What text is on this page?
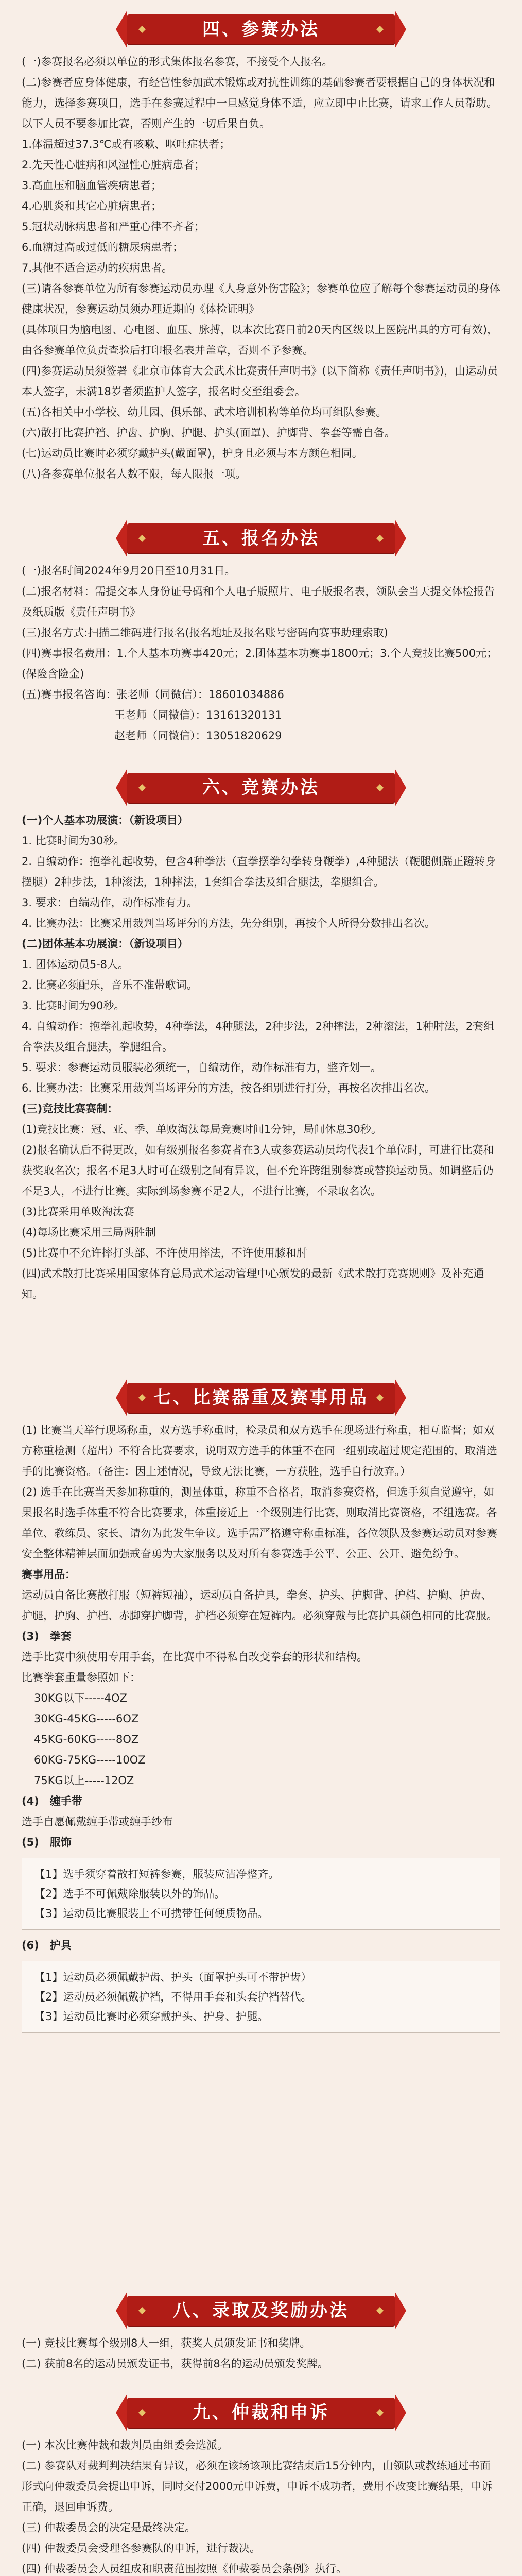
四、参赛办法

(一)参赛报名必须以单位的形式集体报名参赛，不接受个人报名。

(二)参赛者应身体健康，有经营性参加武术锻炼或对抗性训练的基础参赛者要根据自己的身体状况和能力，选择参赛项目，选手在参赛过程中一旦感觉身体不适，应立即中止比赛，请求工作人员帮助。

以下人员不要参加比赛，否则产生的一切后果自负。

1.体温超过37.3℃或有咳嗽、呕吐症状者；

2.先天性心脏病和风湿性心脏病患者；

3.高血压和脑血管疾病患者；

4.心肌炎和其它心脏病患者；

5.冠状动脉病患者和严重心律不齐者；

6.血糖过高或过低的糖尿病患者；

7.其他不适合运动的疾病患者。

(三)请各参赛单位为所有参赛运动员办理《人身意外伤害险》；参赛单位应了解每个参赛运动员的身体健康状况，参赛运动员须办理近期的《体检证明》

(具体项目为脑电图、心电图、血压、脉搏，以本次比赛日前20天内区级以上医院出具的方可有效)，由各参赛单位负责查验后打印报名表并盖章，否则不予参赛。

(四)参赛运动员须签署《北京市体育大会武术比赛责任声明书》(以下简称《责任声明书》)，由运动员本人签字，未满18岁者须监护人签字，报名时交至组委会。

(五)各相关中小学校、幼儿园、俱乐部、武术培训机构等单位均可组队参赛。

(六)散打比赛护裆、护齿、护胸、护腿、护头(面罩)、护脚背、拳套等需自备。

(七)运动员比赛时必须穿戴护头(戴面罩)，护身且必须与本方颜色相同。

(八)各参赛单位报名人数不限，每人限报一项。

五、报名办法

(一)报名时间2024年9月20日至10月31日。

(二)报名材料：需提交本人身份证号码和个人电子版照片、电子版报名表，领队会当天提交体检报告及纸质版《责任声明书》

(三)报名方式:扫描二维码进行报名(报名地址及报名账号密码向赛事助理索取)

(四)赛事报名费用：1.个人基本功赛事420元；2.团体基本功赛事1800元；3.个人竞技比赛500元；(保险含险金)

(五)赛事报名咨询：张老师（同微信）：18601034886

王老师（同微信）：13161320131

赵老师（同微信）：13051820629

六、竞赛办法

(一)个人基本功展演：（新设项目）

1. 比赛时间为30秒。

2. 自编动作：抱拳礼起收势，包含4种拳法（直拳摆拳勾拳转身鞭拳）,4种腿法（鞭腿侧踹正蹬转身摆腿）2种步法，1种滚法，1种摔法，1套组合拳法及组合腿法，拳腿组合。

3. 要求：自编动作，动作标准有力。

4. 比赛办法：比赛采用裁判当场评分的方法，先分组别，再按个人所得分数排出名次。

(二)团体基本功展演：（新设项目）

1. 团体运动员5-8人。

2. 比赛必须配乐，音乐不准带歌词。

3. 比赛时间为90秒。

4. 自编动作：抱拳礼起收势，4种拳法，4种腿法，2种步法，2种摔法，2种滚法，1种肘法，2套组合拳法及组合腿法，拳腿组合。

5. 要求：参赛运动员服装必须统一，自编动作，动作标准有力，整齐划一。

6. 比赛办法：比赛采用裁判当场评分的方法，按各组别进行打分，再按名次排出名次。

(三)竞技比赛赛制：

(1)竞技比赛：冠、亚、季、单败淘汰每局竞赛时间1分钟，局间休息30秒。

(2)报名确认后不得更改，如有级别报名参赛者在3人或参赛运动员均代表1个单位时，可进行比赛和获奖取名次；报名不足3人时可在级别之间有异议，但不允许跨组别参赛或替换运动员。如调整后仍不足3人，不进行比赛。实际到场参赛不足2人，不进行比赛，不录取名次。

(3)比赛采用单败淘汰赛

(4)每场比赛采用三局两胜制

(5)比赛中不允许摔打头部、不许使用摔法，不许使用膝和肘

(四)武术散打比赛采用国家体育总局武术运动管理中心颁发的最新《武术散打竞赛规则》及补充通知。

七、比赛器重及赛事用品

(1) 比赛当天举行现场称重，双方选手称重时，检录员和双方选手在现场进行称重，相互监督；如双方称重检测（超出）不符合比赛要求，说明双方选手的体重不在同一组别或超过规定范围的，取消选手的比赛资格。（备注：因上述情况，导致无法比赛，一方获胜，选手自行放弃。）

(2) 选手在比赛当天参加称重的，测量体重，称重不合格者，取消参赛资格，但选手须自觉遵守，如果报名时选手体重不符合比赛要求，体重接近上一个级别进行比赛，则取消比赛资格，不组选赛。各单位、教练员、家长、请勿为此发生争议。选手需严格遵守称重标准，各位领队及参赛运动员对参赛安全整体精神层面加强戒奋勇为大家服务以及对所有参赛选手公平、公正、公开、避免纷争。

赛事用品：

运动员自备比赛散打服（短裤短袖），运动员自备护具，拳套、护头、护脚背、护档、护胸、护齿、护腿，护胸、护档、赤脚穿护脚背，护档必须穿在短裤内。必须穿戴与比赛护具颜色相同的比赛服。

(3)　拳套

选手比赛中须使用专用手套，在比赛中不得私自改变拳套的形状和结构。

比赛拳套重量参照如下：

30KG以下-----4OZ

30KG-45KG-----6OZ

45KG-60KG-----8OZ

60KG-75KG-----10OZ

75KG以上-----12OZ

(4)　缠手带

选手自愿佩戴缠手带或缠手纱布

(5)　服饰

【1】选手须穿着散打短裤参赛，服装应洁净整齐。

【2】选手不可佩戴除服装以外的饰品。

【3】运动员比赛服装上不可携带任何硬质物品。

(6)　护具

【1】运动员必须佩戴护齿、护头（面罩护头可不带护齿）

【2】运动员必须佩戴护裆，不得用手套和头套护裆替代。

【3】运动员比赛时必须穿戴护头、护身、护腿。

八、录取及奖励办法

(一) 竞技比赛每个级别8人一组，获奖人员颁发证书和奖牌。

(二) 获前8名的运动员颁发证书，获得前8名的运动员颁发奖牌。

九、仲裁和申诉

(一) 本次比赛仲裁和裁判员由组委会选派。

(二) 参赛队对裁判判决结果有异议，必须在该场该项比赛结束后15分钟内，由领队或教练通过书面形式向仲裁委员会提出申诉，同时交付2000元申诉费，申诉不成功者，费用不改变比赛结果，申诉正确，退回申诉费。

(三) 仲裁委员会的决定是最终决定。

(四) 仲裁委员会受理各参赛队的申诉，进行裁决。

(四) 仲裁委员会人员组成和职责范围按照《仲裁委员会条例》执行。
